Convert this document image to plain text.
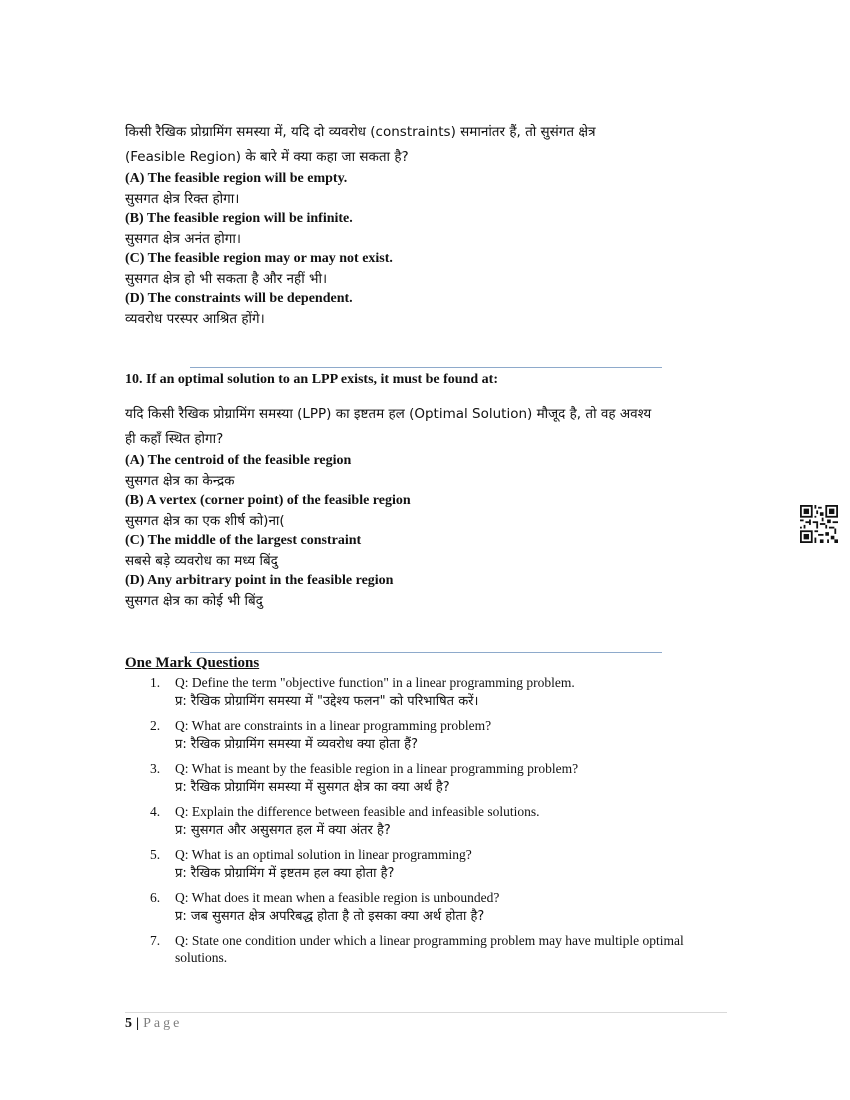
किसी रैखिक प्रोग्रामिंग समस्या में, यदि दो व्यवरोध (constraints) समानांतर हैं, तो सुसंगत क्षेत्र
(Feasible Region) के बारे में क्या कहा जा सकता है?
(A) The feasible region will be empty.
सुसगत क्षेत्र रिक्त होगा।
(B) The feasible region will be infinite.
सुसगत क्षेत्र अनंत होगा।
(C) The feasible region may or may not exist.
सुसगत क्षेत्र हो भी सकता है और नहीं भी।
(D) The constraints will be dependent.
व्यवरोध परस्पर आश्रित होंगे।
10. If an optimal solution to an LPP exists, it must be found at:
यदि किसी रैखिक प्रोग्रामिंग समस्या (LPP) का इष्टतम हल (Optimal Solution) मौजूद है, तो वह अवश्य
ही कहाँ स्थित होगा?
(A) The centroid of the feasible region
सुसगत क्षेत्र का केन्द्रक
(B) A vertex (corner point) of the feasible region
सुसगत क्षेत्र का एक शीर्ष को)ना(
(C) The middle of the largest constraint
सबसे बड़े व्यवरोध का मध्य बिंदु
(D) Any arbitrary point in the feasible region
सुसगत क्षेत्र का कोई भी बिंदु
One Mark Questions
1.	Q: Define the term "objective function" in a linear programming problem.
प्र: रैखिक प्रोग्रामिंग समस्या में "उद्देश्य फलन" को परिभाषित करें।
2.	Q: What are constraints in a linear programming problem?
प्र: रैखिक प्रोग्रामिंग समस्या में व्यवरोध क्या होता हैं?
3.	Q: What is meant by the feasible region in a linear programming problem?
प्र: रैखिक प्रोग्रामिंग समस्या में सुसगत क्षेत्र का क्या अर्थ है?
4.	Q: Explain the difference between feasible and infeasible solutions.
प्र: सुसगत और असुसगत हल में क्या अंतर है?
5.	Q: What is an optimal solution in linear programming?
प्र: रैखिक प्रोग्रामिंग में इष्टतम हल क्या होता है?
6.	Q: What does it mean when a feasible region is unbounded?
प्र: जब सुसगत क्षेत्र अपरिबद्ध होता है तो इसका क्या अर्थ होता है?
7.	Q: State one condition under which a linear programming problem may have multiple optimal solutions.
5 | Page
